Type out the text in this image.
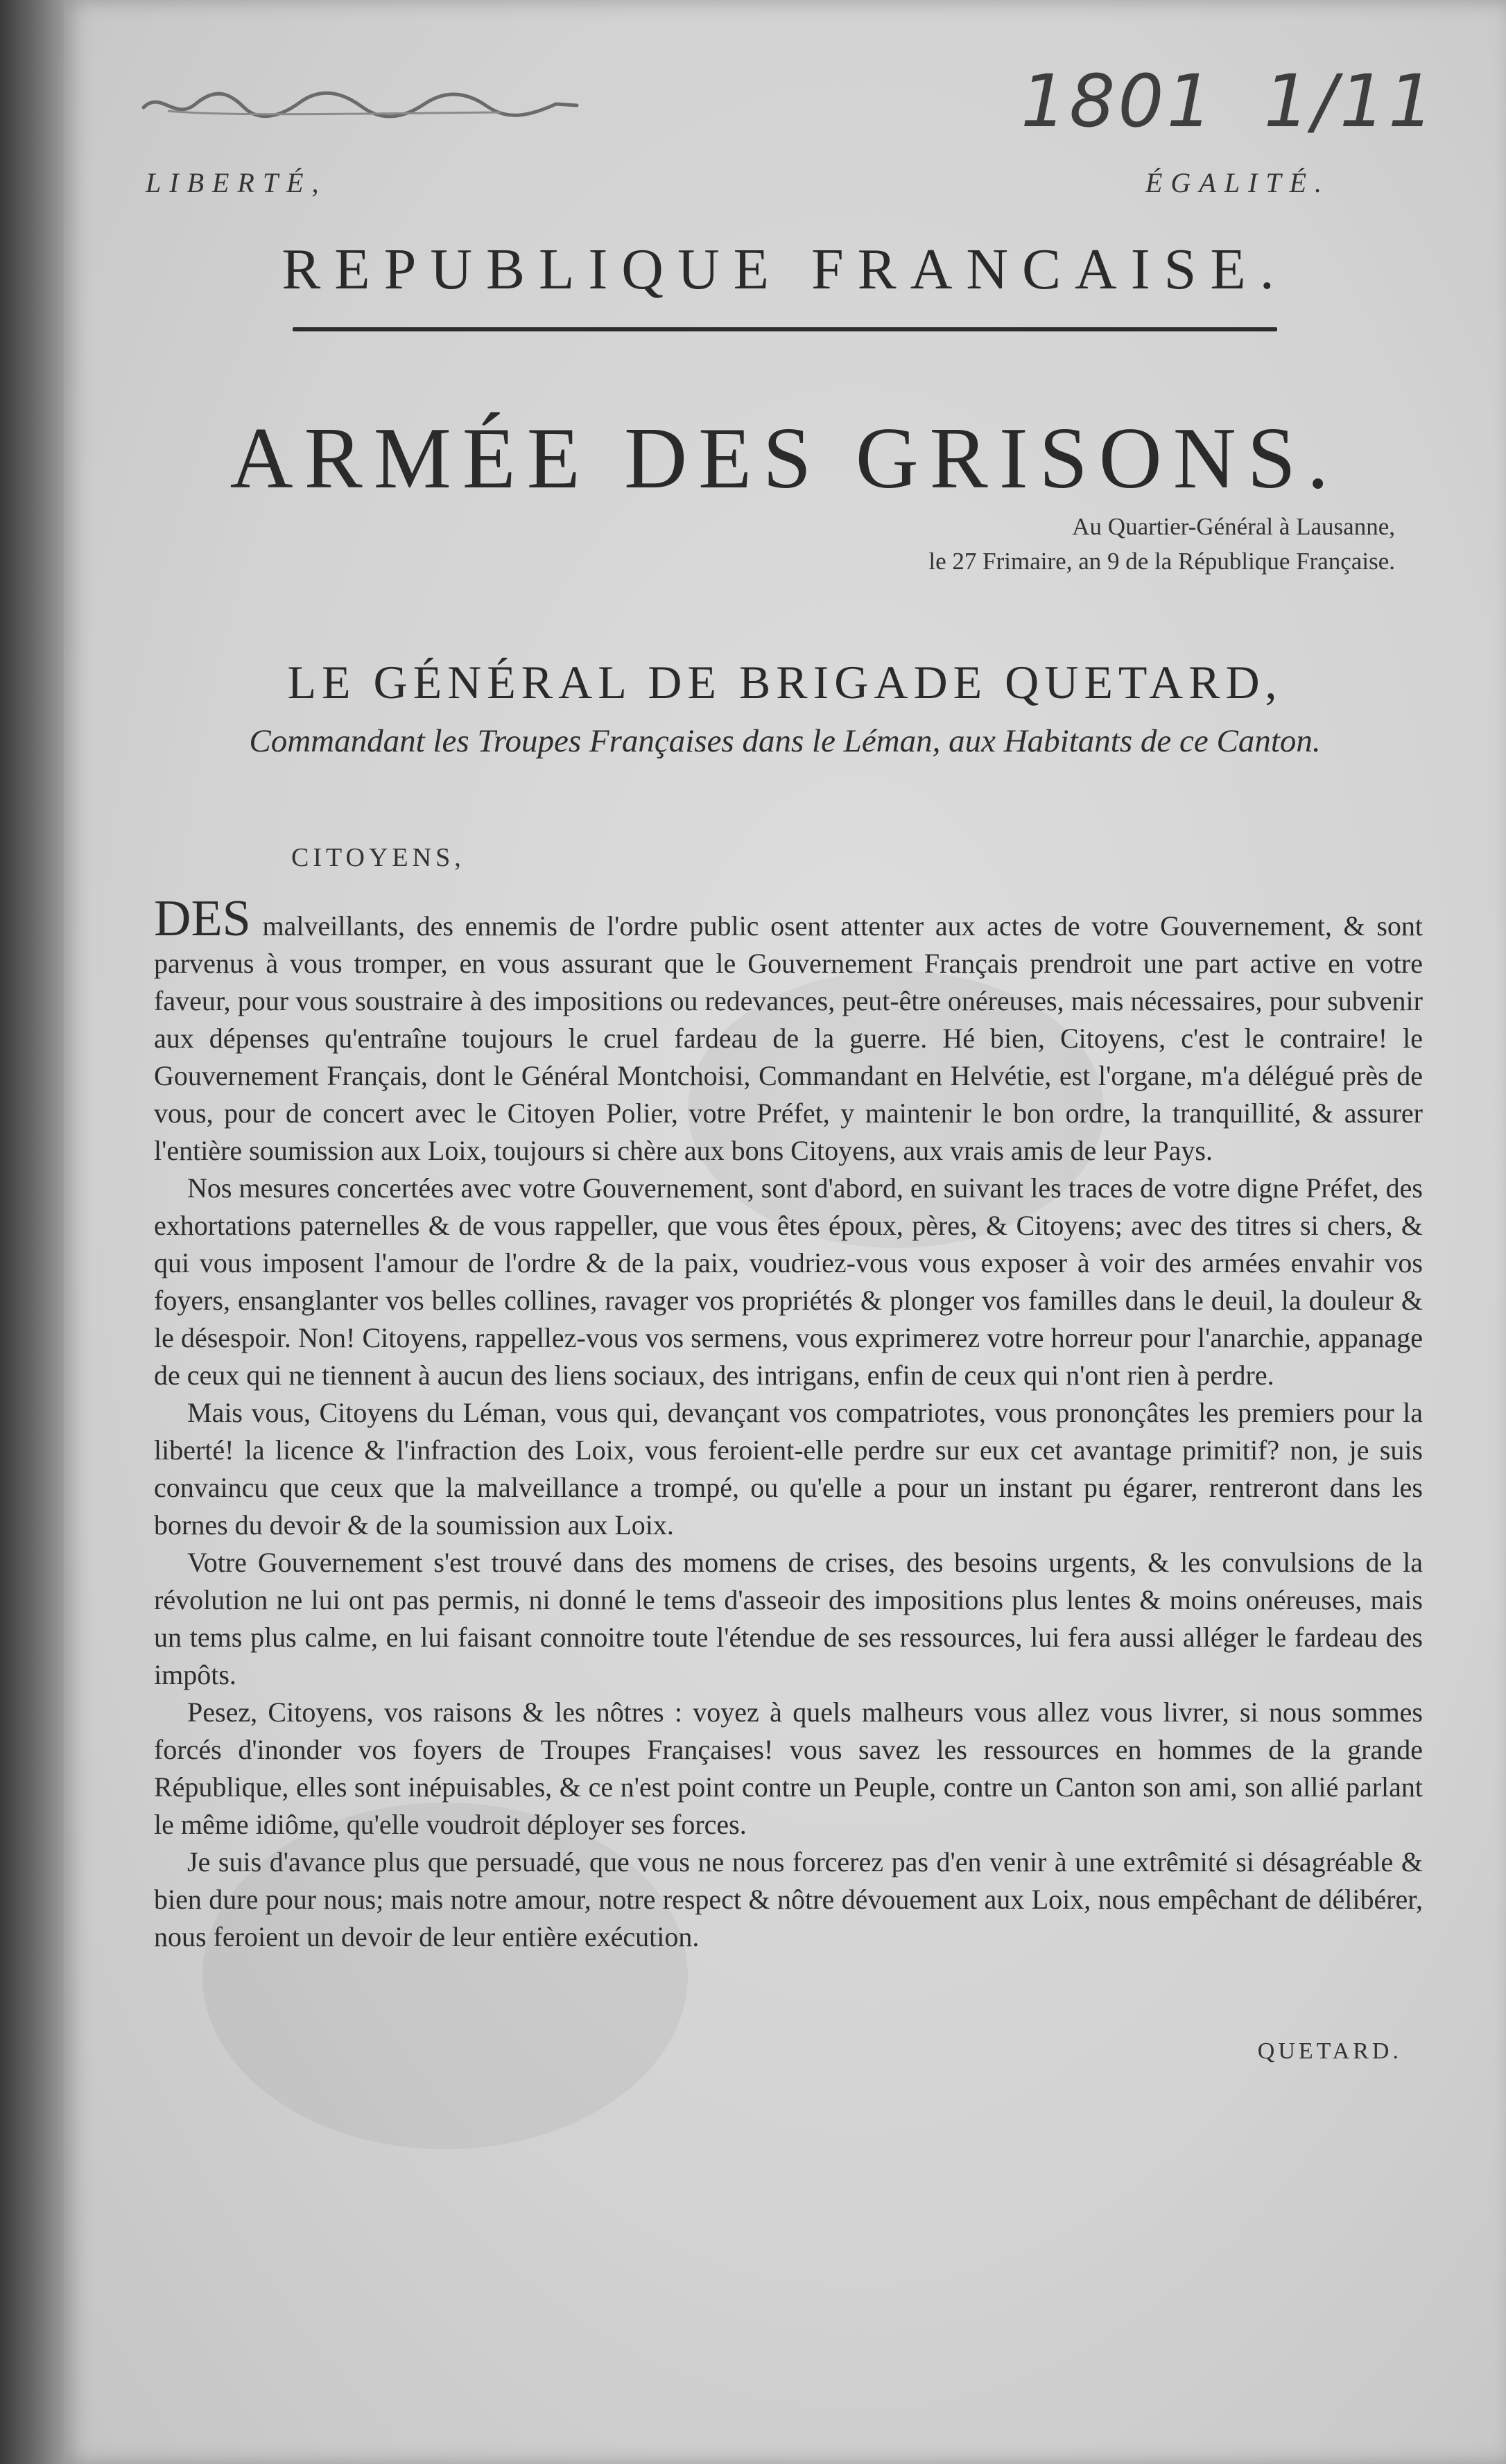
1801 1/11
LIBERTÉ,	ÉGALITÉ.
REPUBLIQUE FRANCAISE.
ARMÉE DES GRISONS.
Au Quartier-Général à Lausanne,
le 27 Frimaire, an 9 de la République Française.
LE GÉNÉRAL DE BRIGADE QUETARD,
Commandant les Troupes Françaises dans le Léman, aux Habitants de ce Canton.
CITOYENS,

DES malveillants, des ennemis de l'ordre public osent attenter aux actes de votre Gouvernement, & sont parvenus à vous tromper, en vous assurant que le Gouvernement Français prendroit une part active en votre faveur, pour vous soustraire à des impositions ou redevances, peut-être onéreuses, mais nécessaires, pour subvenir aux dépenses qu'entraîne toujours le cruel fardeau de la guerre. Hé bien, Citoyens, c'est le contraire! le Gouvernement Français, dont le Général Montchoisi, Commandant en Helvétie, est l'organe, m'a délégué près de vous, pour de concert avec le Citoyen Polier, votre Préfet, y maintenir le bon ordre, la tranquillité, & assurer l'entière soumission aux Loix, toujours si chère aux bons Citoyens, aux vrais amis de leur Pays.

Nos mesures concertées avec votre Gouvernement, sont d'abord, en suivant les traces de votre digne Préfet, des exhortations paternelles & de vous rappeller, que vous êtes époux, pères, & Citoyens; avec des titres si chers, & qui vous imposent l'amour de l'ordre & de la paix, voudriez-vous vous exposer à voir des armées envahir vos foyers, ensanglanter vos belles collines, ravager vos propriétés & plonger vos familles dans le deuil, la douleur & le désespoir. Non! Citoyens, rappellez-vous vos sermens, vous exprimerez votre horreur pour l'anarchie, appanage de ceux qui ne tiennent à aucun des liens sociaux, des intrigans, enfin de ceux qui n'ont rien à perdre.

Mais vous, Citoyens du Léman, vous qui, devançant vos compatriotes, vous prononçâtes les premiers pour la liberté! la licence & l'infraction des Loix, vous feroient-elle perdre sur eux cet avantage primitif? non, je suis convaincu que ceux que la malveillance a trompé, ou qu'elle a pour un instant pu égarer, rentreront dans les bornes du devoir & de la soumission aux Loix.

Votre Gouvernement s'est trouvé dans des momens de crises, des besoins urgents, & les convulsions de la révolution ne lui ont pas permis, ni donné le tems d'asseoir des impositions plus lentes & moins onéreuses, mais un tems plus calme, en lui faisant connoitre toute l'étendue de ses ressources, lui fera aussi alléger le fardeau des impôts.

Pesez, Citoyens, vos raisons & les nôtres : voyez à quels malheurs vous allez vous livrer, si nous sommes forcés d'inonder vos foyers de Troupes Françaises! vous savez les ressources en hommes de la grande République, elles sont inépuisables, & ce n'est point contre un Peuple, contre un Canton son ami, son allié parlant le même idiôme, qu'elle voudroit déployer ses forces.

Je suis d'avance plus que persuadé, que vous ne nous forcerez pas d'en venir à une extrêmité si désagréable & bien dure pour nous; mais notre amour, notre respect & nôtre dévouement aux Loix, nous empêchant de délibérer, nous feroient un devoir de leur entière exécution.

QUETARD.
